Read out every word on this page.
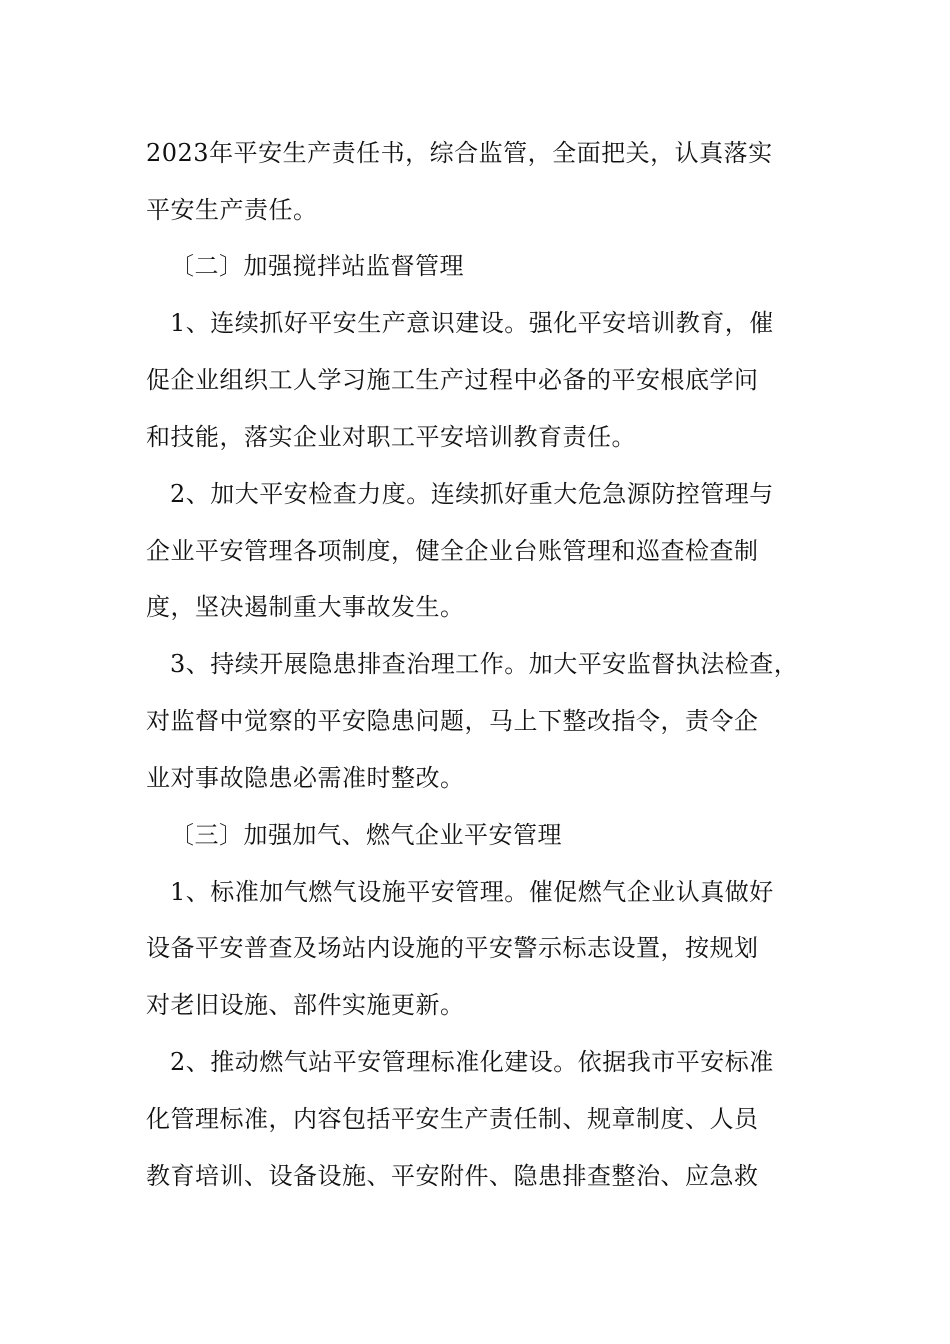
2023年平安生产责任书，综合监管，全面把关，认真落实
平安生产责任。
〔二〕加强搅拌站监督管理
1、连续抓好平安生产意识建设。强化平安培训教育，催
促企业组织工人学习施工生产过程中必备的平安根底学问
和技能，落实企业对职工平安培训教育责任。
2、加大平安检查力度。连续抓好重大危急源防控管理与
企业平安管理各项制度，健全企业台账管理和巡查检查制
度，坚决遏制重大事故发生。
3、持续开展隐患排查治理工作。加大平安监督执法检查，
对监督中觉察的平安隐患问题，马上下整改指令，责令企
业对事故隐患必需准时整改。
〔三〕加强加气、燃气企业平安管理
1、标准加气燃气设施平安管理。催促燃气企业认真做好
设备平安普查及场站内设施的平安警示标志设置，按规划
对老旧设施、部件实施更新。
2、推动燃气站平安管理标准化建设。依据我市平安标准
化管理标准，内容包括平安生产责任制、规章制度、人员
教育培训、设备设施、平安附件、隐患排查整治、应急救
